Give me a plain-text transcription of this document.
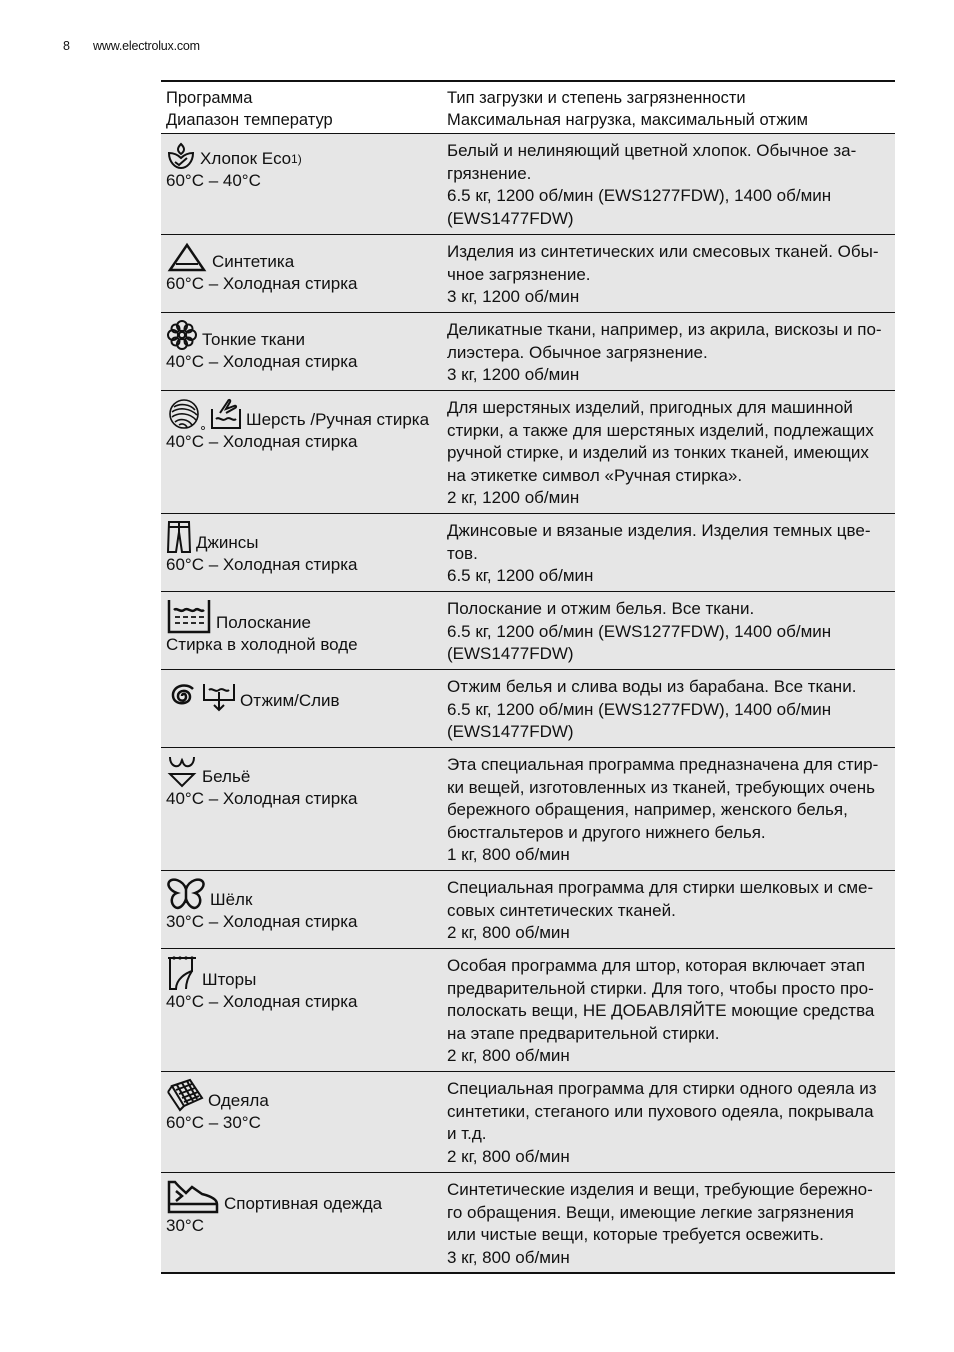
8 www.electrolux.com
Программа
Диапазон температур
Тип загрузки и степень загрязненности
Максимальная нагрузка, максимальный отжим
Хлопок Eco 1)
60°C – 40°C
Белый и нелиняющий цветной хлопок. Обычное за-
грязнение.
6.5 кг, 1200 об/мин (EWS1277FDW), 1400 об/мин
(EWS1477FDW)
Синтетика
60°C – Холодная стирка
Изделия из синтетических или смесовых тканей. Обы-
чное загрязнение.
3 кг, 1200 об/мин
Тонкие ткани
40°C – Холодная стирка
Деликатные ткани, например, из акрила, вискозы и по-
лиэстера. Обычное загрязнение.
3 кг, 1200 об/мин
Шерсть /Ручная стирка
40°C – Холодная стирка
Для шерстяных изделий, пригодных для машинной
стирки, а также для шерстяных изделий, подлежащих
ручной стирке, и изделий из тонких тканей, имеющих
на этикетке символ «Ручная стирка».
2 кг, 1200 об/мин
Джинсы
60°C – Холодная стирка
Джинсовые и вязаные изделия. Изделия темных цве-
тов.
6.5 кг, 1200 об/мин
Полоскание
Стирка в холодной воде
Полоскание и отжим белья. Все ткани.
6.5 кг, 1200 об/мин (EWS1277FDW), 1400 об/мин
(EWS1477FDW)
Отжим/Слив
Отжим белья и слива воды из барабана. Все ткани.
6.5 кг, 1200 об/мин (EWS1277FDW), 1400 об/мин
(EWS1477FDW)
Бельё
40°C – Холодная стирка
Эта специальная программа предназначена для стир-
ки вещей, изготовленных из тканей, требующих очень
бережного обращения, например, женского белья,
бюстгальтеров и другого нижнего белья.
1 кг, 800 об/мин
Шёлк
30°C – Холодная стирка
Специальная программа для стирки шелковых и сме-
совых синтетических тканей.
2 кг, 800 об/мин
Шторы
40°C – Холодная стирка
Особая программа для штор, которая включает этап
предварительной стирки. Для того, чтобы просто про-
полоскать вещи, НЕ ДОБАВЛЯЙТЕ моющие средства
на этапе предварительной стирки.
2 кг, 800 об/мин
Одеяла
60°C – 30°C
Специальная программа для стирки одного одеяла из
синтетики, стеганого или пухового одеяла, покрывала
и т.д.
2 кг, 800 об/мин
Спортивная одежда
30°C
Синтетические изделия и вещи, требующие бережно-
го обращения. Вещи, имеющие легкие загрязнения
или чистые вещи, которые требуется освежить.
3 кг, 800 об/мин
